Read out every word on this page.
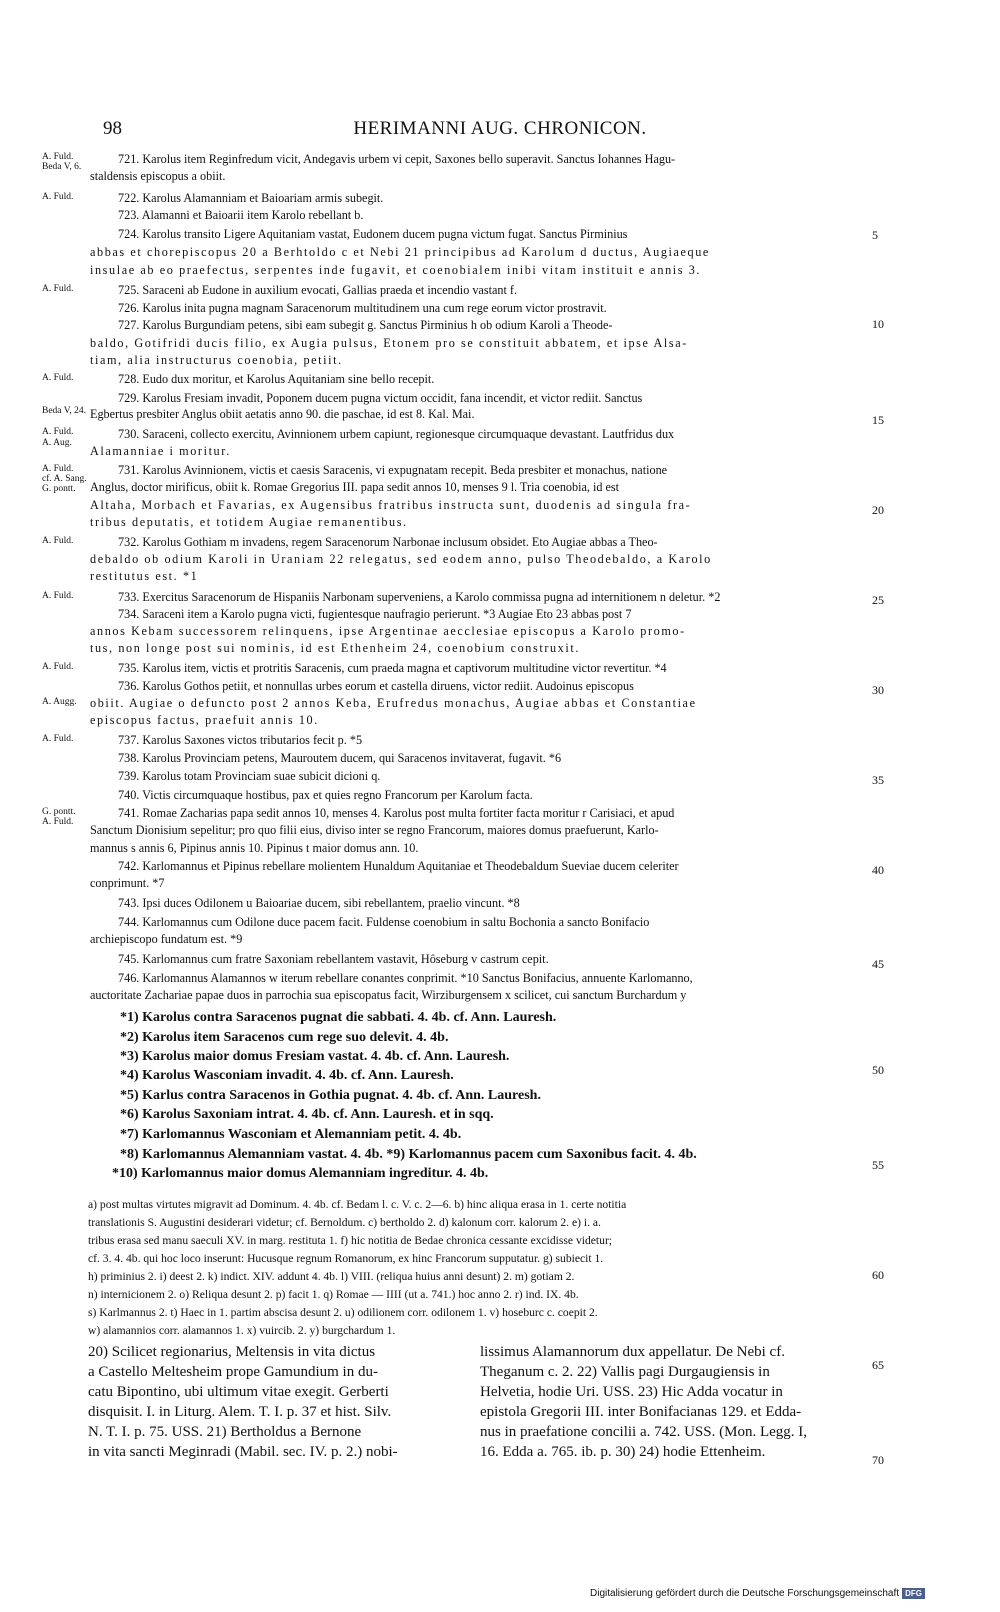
98	HERIMANNI AUG. CHRONICON.
721. Karolus item Reginfredum vicit, Andegavis urbem vi cepit, Saxones bello superavit. Sanctus Iohannes Hagu-
staldensis episcopus a obiit.
722. Karolus Alamanniam et Baioariam armis subegit.
723. Alamanni et Baioarii item Karolo rebellant b.
724. Karolus transito Ligere Aquitaniam vastat, Eudonem ducem pugna victum fugat. Sanctus Pirminius
abbas et chorepiscopus 20 a Berhtoldo c et Nebi 21 principibus ad Karolum d ductus, Augiaeque
insulae ab eo praefectus, serpentes inde fugavit, et coenobialem inibi vitam instituit e annis 3.
725. Saraceni ab Eudone in auxilium evocati, Gallias praeda et incendio vastant f.
726. Karolus inita pugna magnam Saracenorum multitudinem una cum rege eorum victor prostravit.
727. Karolus Burgundiam petens, sibi eam subegit g. Sanctus Pirminius h ob odium Karoli a Theode-
baldo, Gotifridi ducis filio, ex Augia pulsus, Etonem pro se constituit abbatem, et ipse Alsa-
tiam, alia instructurus coenobia, petiit.
728. Eudo dux moritur, et Karolus Aquitaniam sine bello recepit.
729. Karolus Fresiam invadit, Poponem ducem pugna victum occidit, fana incendit, et victor rediit. Sanctus
Egbertus presbiter Anglus obiit aetatis anno 90. die paschae, id est 8. Kal. Mai.
730. Saraceni, collecto exercitu, Avinnionem urbem capiunt, regionesque circumquaque devastant. Lautfridus dux
Alamanniae i moritur.
731. Karolus Avinnionem, victis et caesis Saracenis, vi expugnatam recepit. Beda presbiter et monachus, natione
Anglus, doctor mirificus, obiit k. Romae Gregorius III. papa sedit annos 10, menses 9 l. Tria coenobia, id est
Altaha, Morbach et Favarias, ex Augensibus fratribus instructa sunt, duodenis ad singula fra-
tribus deputatis, et totidem Augiae remanentibus.
732. Karolus Gothiam m invadens, regem Saracenorum Narbonae inclusum obsidet. Eto Augiae abbas a Theo-
debaldo ob odium Karoli in Uraniam 22 relegatus, sed eodem anno, pulso Theodebaldo, a Karolo
restitutus est. *1
733. Exercitus Saracenorum de Hispaniis Narbonam superveniens, a Karolo commissa pugna ad internitionem n deletur. *2
734. Saraceni item a Karolo pugna victi, fugientesque naufragio perierunt. *3 Augiae Eto 23 abbas post 7
annos Kebam successorem relinquens, ipse Argentinae aecclesiae episcopus a Karolo promo-
tus, non longe post sui nominis, id est Ethenheim 24, coenobium construxit.
735. Karolus item, victis et protritis Saracenis, cum praeda magna et captivorum multitudine victor revertitur. *4
736. Karolus Gothos petiit, et nonnullas urbes eorum et castella diruens, victor rediit. Audoinus episcopus
obiit. Augiae o defuncto post 2 annos Keba, Erufredus monachus, Augiae abbas et Constantiae
episcopus factus, praefuit annis 10.
737. Karolus Saxones victos tributarios fecit p. *5
738. Karolus Provinciam petens, Mauroutem ducem, qui Saracenos invitaverat, fugavit. *6
739. Karolus totam Provinciam suae subicit dicioni q.
740. Victis circumquaque hostibus, pax et quies regno Francorum per Karolum facta.
741. Romae Zacharias papa sedit annos 10, menses 4. Karolus post multa fortiter facta moritur r Carisiaci, et apud
Sanctum Dionisium sepelitur; pro quo filii eius, diviso inter se regno Francorum, maiores domus praefuerunt, Karlo-
mannus s annis 6, Pipinus annis 10. Pipinus t maior domus ann. 10.
742. Karlomannus et Pipinus rebellare molientem Hunaldum Aquitaniae et Theodebaldum Sueviae ducem celeriter
conprimunt. *7
743. Ipsi duces Odilonem u Baioariae ducem, sibi rebellantem, praelio vincunt. *8
744. Karlomannus cum Odilone duce pacem facit. Fuldense coenobium in saltu Bochonia a sancto Bonifacio
archiepiscopo fundatum est. *9
745. Karlomannus cum fratre Saxoniam rebellantem vastavit, Hôseburg v castrum cepit.
746. Karlomannus Alamannos w iterum rebellare conantes conprimit. *10 Sanctus Bonifacius, annuente Karlomanno,
auctoritate Zachariae papae duos in parrochia sua episcopatus facit, Wirziburgensem x scilicet, cui sanctum Burchardum y
A. Fuld.
Beda V, 6.
A. Fuld.
A. Fuld.
A. Fuld.
Beda V, 24.
A. Fuld.
A. Aug.
A. Fuld.
cf. A. Sang.
G. pontt.
A. Fuld.
A. Fuld.
A. Fuld.
A. Augg.
A. Fuld.
G. pontt.
A. Fuld.
5
10
15
20
25
30
35
40
45
50
55
60
65
70
*1) Karolus contra Saracenos pugnat die sabbati. 4. 4b. cf. Ann. Lauresh.
*2) Karolus item Saracenos cum rege suo delevit. 4. 4b.
*3) Karolus maior domus Fresiam vastat. 4. 4b. cf. Ann. Lauresh.
*4) Karolus Wasconiam invadit. 4. 4b. cf. Ann. Lauresh.
*5) Karlus contra Saracenos in Gothia pugnat. 4. 4b. cf. Ann. Lauresh.
*6) Karolus Saxoniam intrat. 4. 4b. cf. Ann. Lauresh. et in sqq.
*7) Karlomannus Wasconiam et Alemanniam petit. 4. 4b.
*8) Karlomannus Alemanniam vastat. 4. 4b. *9) Karlomannus pacem cum Saxonibus facit. 4. 4b.
*10) Karlomannus maior domus Alemanniam ingreditur. 4. 4b.
a) post multas virtutes migravit ad Dominum. 4. 4b. cf. Bedam l. c. V. c. 2—6. b) hinc aliqua erasa in 1. certe notitia
translationis S. Augustini desiderari videtur; cf. Bernoldum. c) bertholdo 2. d) kalonum corr. kalorum 2. e) i. a.
tribus erasa sed manu saeculi XV. in marg. restituta 1. f) hic notitia de Bedae chronica cessante excidisse videtur;
cf. 3. 4. 4b. qui hoc loco inserunt: Hucusque regnum Romanorum, ex hinc Francorum supputatur. g) subiecit 1.
h) priminius 2. i) deest 2. k) indict. XIV. addunt 4. 4b. l) VIII. (reliqua huius anni desunt) 2. m) gotiam 2.
n) internicionem 2. o) Reliqua desunt 2. p) facit 1. q) Romae — IIII (ut a. 741.) hoc anno 2. r) ind. IX. 4b.
s) Karlmannus 2. t) Haec in 1. partim abscisa desunt 2. u) odilionem corr. odilonem 1. v) hoseburc c. coepit 2.
w) alamannios corr. alamannos 1. x) vuircib. 2. y) burgchardum 1.
20) Scilicet regionarius, Meltensis in vita dictus
a Castello Meltesheim prope Gamundium in du-
catu Bipontino, ubi ultimum vitae exegit. Gerberti
disquisit. I. in Liturg. Alem. T. I. p. 37 et hist. Silv.
N. T. I. p. 75. USS. 21) Bertholdus a Bernone
in vita sancti Meginradi (Mabil. sec. IV. p. 2.) nobi-
lissimus Alamannorum dux appellatur. De Nebi cf.
Theganum c. 2. 22) Vallis pagi Durgaugiensis in
Helvetia, hodie Uri. USS. 23) Hic Adda vocatur in
epistola Gregorii III. inter Bonifacianas 129. et Edda-
nus in praefatione concilii a. 742. USS. (Mon. Legg. I,
16. Edda a. 765. ib. p. 30) 24) hodie Ettenheim.
Digitalisierung gefördert durch die Deutsche Forschungsgemeinschaft DFG
